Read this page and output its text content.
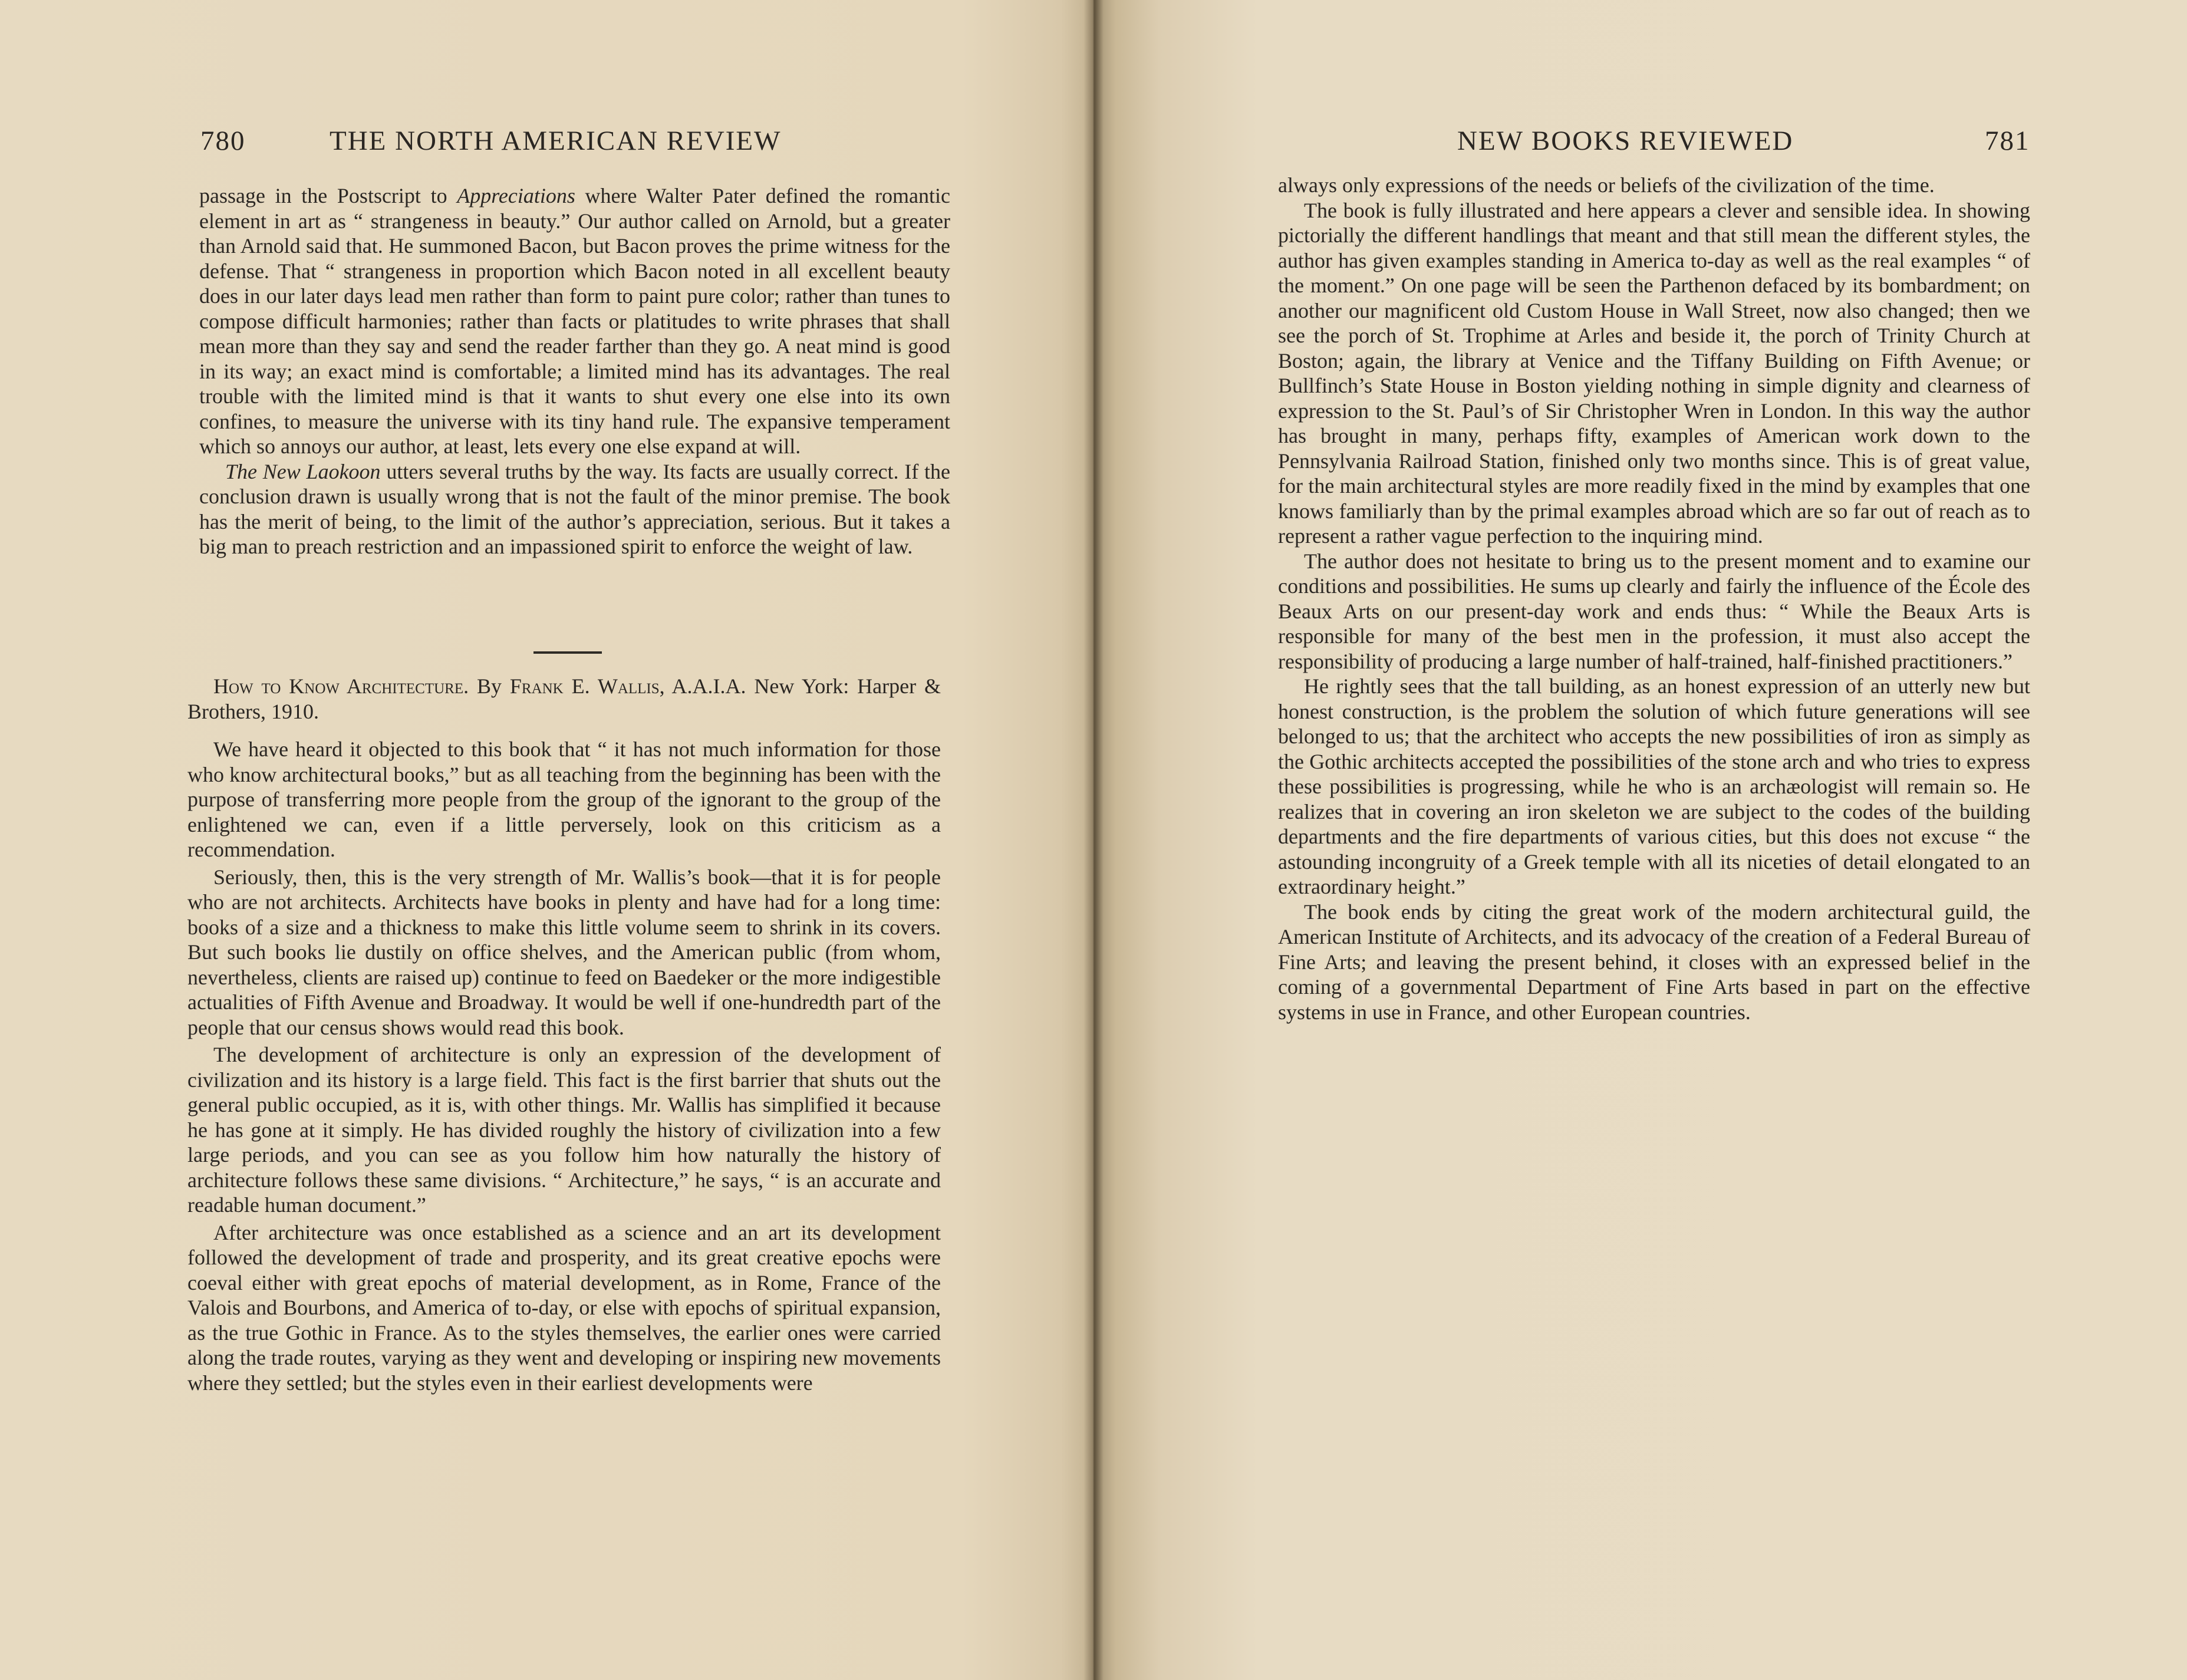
780	THE NORTH AMERICAN REVIEW

passage in the Postscript to Appreciations where Walter Pater defined the romantic element in art as “ strangeness in beauty.” Our author called on Arnold, but a greater than Arnold said that. He summoned Bacon, but Bacon proves the prime witness for the defense. That “ strangeness in proportion which Bacon noted in all excellent beauty does in our later days lead men rather than form to paint pure color; rather than tunes to compose difficult harmonies; rather than facts or platitudes to write phrases that shall mean more than they say and send the reader farther than they go. A neat mind is good in its way; an exact mind is comfortable; a limited mind has its advantages. The real trouble with the limited mind is that it wants to shut every one else into its own confines, to measure the universe with its tiny hand rule. The expansive temperament which so annoys our author, at least, lets every one else expand at will.

The New Laokoon utters several truths by the way. Its facts are usually correct. If the conclusion drawn is usually wrong that is not the fault of the minor premise. The book has the merit of being, to the limit of the author’s appreciation, serious. But it takes a big man to preach restriction and an impassioned spirit to enforce the weight of law.

How to Know Architecture. By Frank E. Wallis, A.A.I.A. New York: Harper & Brothers, 1910.

We have heard it objected to this book that “ it has not much information for those who know architectural books,” but as all teaching from the beginning has been with the purpose of transferring more people from the group of the ignorant to the group of the enlightened we can, even if a little perversely, look on this criticism as a recommendation.

Seriously, then, this is the very strength of Mr. Wallis’s book—that it is for people who are not architects. Architects have books in plenty and have had for a long time: books of a size and a thickness to make this little volume seem to shrink in its covers. But such books lie dustily on office shelves, and the American public (from whom, nevertheless, clients are raised up) continue to feed on Baedeker or the more indigestible actualities of Fifth Avenue and Broadway. It would be well if one-hundredth part of the people that our census shows would read this book.

The development of architecture is only an expression of the development of civilization and its history is a large field. This fact is the first barrier that shuts out the general public occupied, as it is, with other things. Mr. Wallis has simplified it because he has gone at it simply. He has divided roughly the history of civilization into a few large periods, and you can see as you follow him how naturally the history of architecture follows these same divisions. “ Architecture,” he says, “ is an accurate and readable human document.”

After architecture was once established as a science and an art its development followed the development of trade and prosperity, and its great creative epochs were coeval either with great epochs of material development, as in Rome, France of the Valois and Bourbons, and America of to-day, or else with epochs of spiritual expansion, as the true Gothic in France. As to the styles themselves, the earlier ones were carried along the trade routes, varying as they went and developing or inspiring new movements where they settled; but the styles even in their earliest developments were

NEW BOOKS REVIEWED	781

always only expressions of the needs or beliefs of the civilization of the time.

The book is fully illustrated and here appears a clever and sensible idea. In showing pictorially the different handlings that meant and that still mean the different styles, the author has given examples standing in America to-day as well as the real examples “ of the moment.” On one page will be seen the Parthenon defaced by its bombardment; on another our magnificent old Custom House in Wall Street, now also changed; then we see the porch of St. Trophime at Arles and beside it, the porch of Trinity Church at Boston; again, the library at Venice and the Tiffany Building on Fifth Avenue; or Bullfinch’s State House in Boston yielding nothing in simple dignity and clearness of expression to the St. Paul’s of Sir Christopher Wren in London. In this way the author has brought in many, perhaps fifty, examples of American work down to the Pennsylvania Railroad Station, finished only two months since. This is of great value, for the main architectural styles are more readily fixed in the mind by examples that one knows familiarly than by the primal examples abroad which are so far out of reach as to represent a rather vague perfection to the inquiring mind.

The author does not hesitate to bring us to the present moment and to examine our conditions and possibilities. He sums up clearly and fairly the influence of the École des Beaux Arts on our present-day work and ends thus: “ While the Beaux Arts is responsible for many of the best men in the profession, it must also accept the responsibility of producing a large number of half-trained, half-finished practitioners.”

He rightly sees that the tall building, as an honest expression of an utterly new but honest construction, is the problem the solution of which future generations will see belonged to us; that the architect who accepts the new possibilities of iron as simply as the Gothic architects accepted the possibilities of the stone arch and who tries to express these possibilities is progressing, while he who is an archæologist will remain so. He realizes that in covering an iron skeleton we are subject to the codes of the building departments and the fire departments of various cities, but this does not excuse “ the astounding incongruity of a Greek temple with all its niceties of detail elongated to an extraordinary height.”

The book ends by citing the great work of the modern architectural guild, the American Institute of Architects, and its advocacy of the creation of a Federal Bureau of Fine Arts; and leaving the present behind, it closes with an expressed belief in the coming of a governmental Department of Fine Arts based in part on the effective systems in use in France, and other European countries.
